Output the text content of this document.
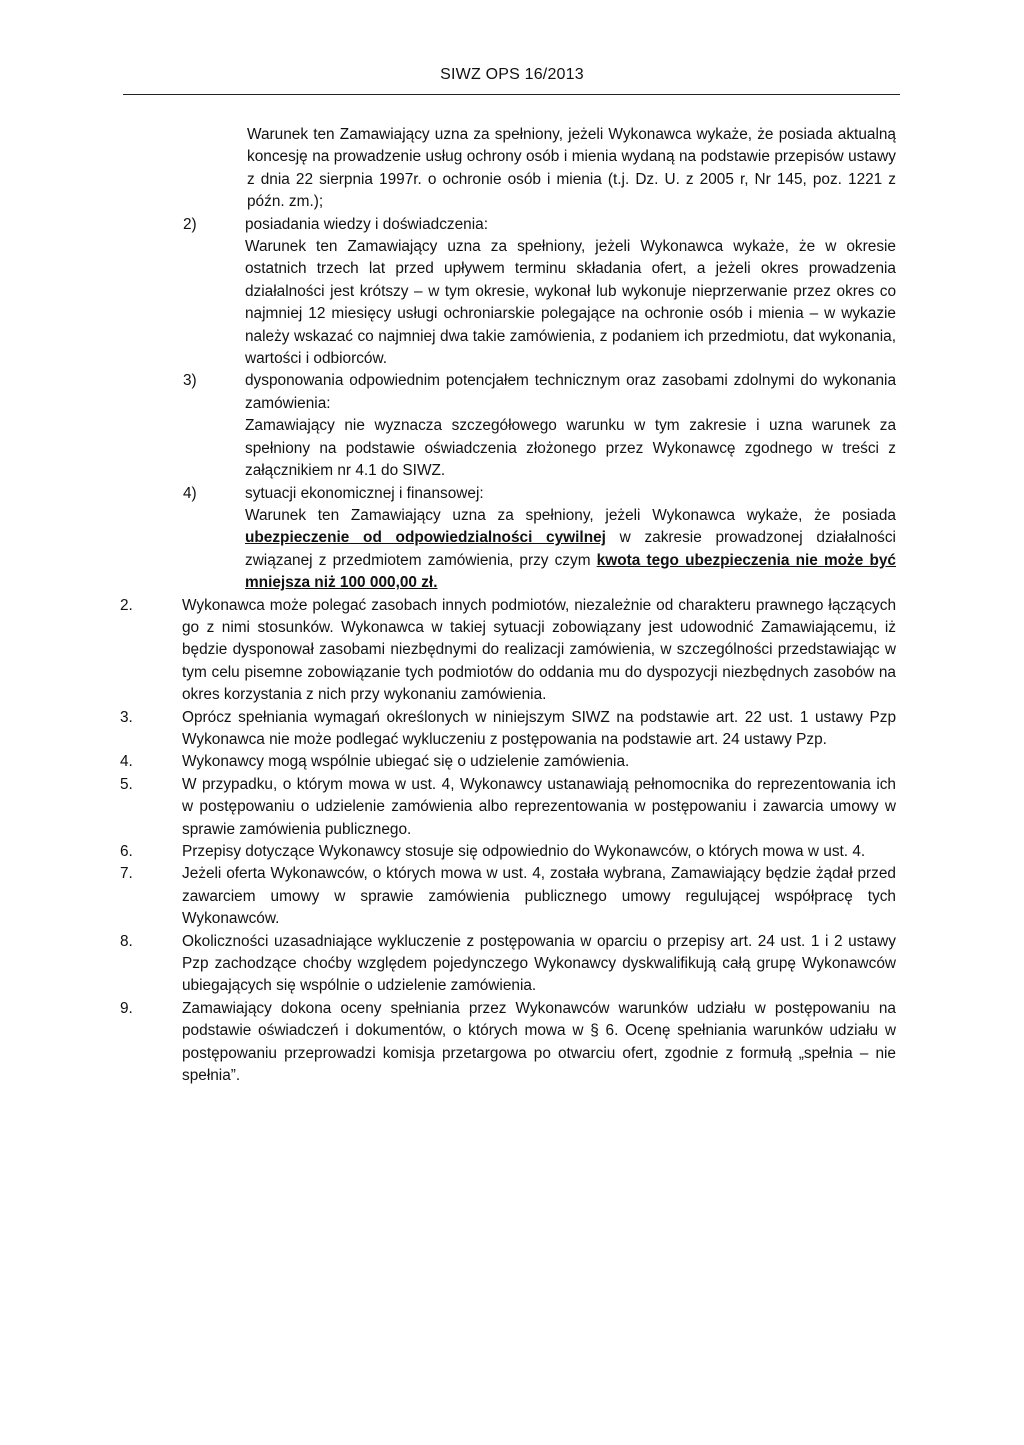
SIWZ OPS 16/2013

Warunek ten Zamawiający uzna za spełniony, jeżeli Wykonawca wykaże, że posiada aktualną koncesję na prowadzenie usług ochrony osób i mienia wydaną na podstawie przepisów ustawy z dnia 22 sierpnia 1997r. o ochronie osób i mienia (t.j. Dz. U. z 2005 r, Nr 145, poz. 1221 z późn. zm.);

2)	posiadania wiedzy i doświadczenia:

Warunek ten Zamawiający uzna za spełniony, jeżeli Wykonawca wykaże, że w okresie ostatnich trzech lat przed upływem terminu składania ofert, a jeżeli okres prowadzenia działalności jest krótszy – w tym okresie, wykonał lub wykonuje nieprzerwanie przez okres co najmniej 12 miesięcy usługi ochroniarskie polegające na ochronie osób i mienia – w wykazie należy wskazać co najmniej dwa takie zamówienia, z podaniem ich przedmiotu, dat wykonania, wartości i odbiorców.

3)	dysponowania odpowiednim potencjałem technicznym oraz zasobami zdolnymi do wykonania zamówienia:

Zamawiający nie wyznacza szczegółowego warunku w tym zakresie i uzna warunek za spełniony na podstawie oświadczenia złożonego przez Wykonawcę zgodnego w treści z załącznikiem nr 4.1 do SIWZ.

4)	sytuacji ekonomicznej i finansowej:

Warunek ten Zamawiający uzna za spełniony, jeżeli Wykonawca wykaże, że posiada ubezpieczenie od odpowiedzialności cywilnej w zakresie prowadzonej działalności związanej z przedmiotem zamówienia, przy czym kwota tego ubezpieczenia nie może być mniejsza niż 100 000,00 zł.

2.	Wykonawca może polegać zasobach innych podmiotów, niezależnie od charakteru prawnego łączących go z nimi stosunków. Wykonawca w takiej sytuacji zobowiązany jest udowodnić Zamawiającemu, iż będzie dysponował zasobami niezbędnymi do realizacji zamówienia, w szczególności przedstawiając w tym celu pisemne zobowiązanie tych podmiotów do oddania mu do dyspozycji niezbędnych zasobów na okres korzystania z nich przy wykonaniu zamówienia.

3.	Oprócz spełniania wymagań określonych w niniejszym SIWZ na podstawie art. 22 ust. 1 ustawy Pzp Wykonawca nie może podlegać wykluczeniu z postępowania na podstawie art. 24 ustawy Pzp.

4.	Wykonawcy mogą wspólnie ubiegać się o udzielenie zamówienia.

5.	W przypadku, o którym mowa w ust. 4, Wykonawcy ustanawiają pełnomocnika do reprezentowania ich w postępowaniu o udzielenie zamówienia albo reprezentowania w postępowaniu i zawarcia umowy w sprawie zamówienia publicznego.

6.	Przepisy dotyczące Wykonawcy stosuje się odpowiednio do Wykonawców, o których mowa w ust. 4.

7.	Jeżeli oferta Wykonawców, o których mowa w ust. 4, została wybrana, Zamawiający będzie żądał przed zawarciem umowy w sprawie zamówienia publicznego umowy regulującej współpracę tych Wykonawców.

8.	Okoliczności uzasadniające wykluczenie z postępowania w oparciu o przepisy art. 24 ust. 1 i 2 ustawy Pzp zachodzące choćby względem pojedynczego Wykonawcy dyskwalifikują całą grupę Wykonawców ubiegających się wspólnie o udzielenie zamówienia.

9.	Zamawiający dokona oceny spełniania przez Wykonawców warunków udziału w postępowaniu na podstawie oświadczeń i dokumentów, o których mowa w § 6. Ocenę spełniania warunków udziału w postępowaniu przeprowadzi komisja przetargowa po otwarciu ofert, zgodnie z formułą „spełnia – nie spełnia”.
